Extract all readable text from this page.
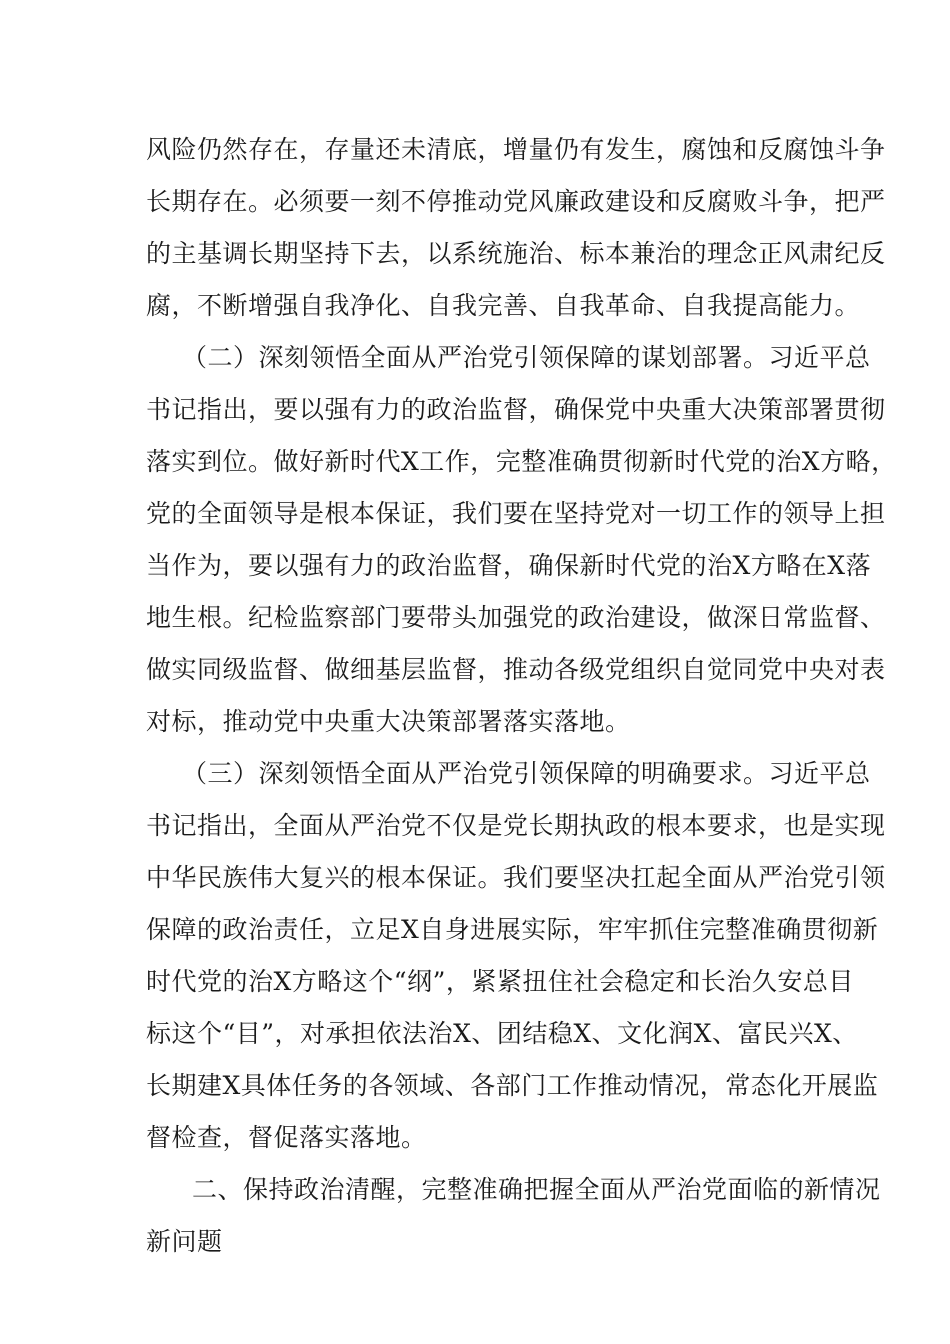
风险仍然存在，存量还未清底，增量仍有发生，腐蚀和反腐蚀斗争
长期存在。必须要一刻不停推动党风廉政建设和反腐败斗争，把严
的主基调长期坚持下去，以系统施治、标本兼治的理念正风肃纪反
腐，不断增强自我净化、自我完善、自我革命、自我提高能力。
（二）深刻领悟全面从严治党引领保障的谋划部署。习近平总
书记指出，要以强有力的政治监督，确保党中央重大决策部署贯彻
落实到位。做好新时代X工作，完整准确贯彻新时代党的治X方略，
党的全面领导是根本保证，我们要在坚持党对一切工作的领导上担
当作为，要以强有力的政治监督，确保新时代党的治X方略在X落
地生根。纪检监察部门要带头加强党的政治建设，做深日常监督、
做实同级监督、做细基层监督，推动各级党组织自觉同党中央对表
对标，推动党中央重大决策部署落实落地。
（三）深刻领悟全面从严治党引领保障的明确要求。习近平总
书记指出，全面从严治党不仅是党长期执政的根本要求，也是实现
中华民族伟大复兴的根本保证。我们要坚决扛起全面从严治党引领
保障的政治责任，立足X自身进展实际，牢牢抓住完整准确贯彻新
时代党的治X方略这个“纲”，紧紧扭住社会稳定和长治久安总目
标这个“目”，对承担依法治X、团结稳X、文化润X、富民兴X、
长期建X具体任务的各领域、各部门工作推动情况，常态化开展监
督检查，督促落实落地。
二、保持政治清醒，完整准确把握全面从严治党面临的新情况
新问题
